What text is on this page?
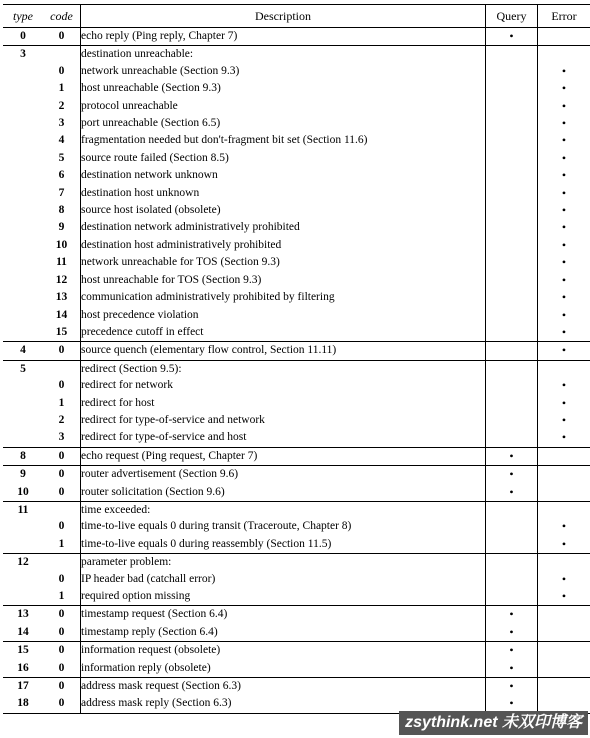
type	code	Description	Query	Error
0	0	echo reply (Ping reply, Chapter 7)	•	
3		destination unreachable:		
	0	network unreachable (Section 9.3)		•
	1	host unreachable (Section 9.3)		•
	2	protocol unreachable		•
	3	port unreachable (Section 6.5)		•
	4	fragmentation needed but don't-fragment bit set (Section 11.6)		•
	5	source route failed (Section 8.5)		•
	6	destination network unknown		•
	7	destination host unknown		•
	8	source host isolated (obsolete)		•
	9	destination network administratively prohibited		•
	10	destination host administratively prohibited		•
	11	network unreachable for TOS (Section 9.3)		•
	12	host unreachable for TOS (Section 9.3)		•
	13	communication administratively prohibited by filtering		•
	14	host precedence violation		•
	15	precedence cutoff in effect		•
4	0	source quench (elementary flow control, Section 11.11)		•
5		redirect (Section 9.5):		
	0	redirect for network		•
	1	redirect for host		•
	2	redirect for type-of-service and network		•
	3	redirect for type-of-service and host		•
8	0	echo request (Ping request, Chapter 7)	•	
9	0	router advertisement (Section 9.6)	•	
10	0	router solicitation (Section 9.6)	•	
11		time exceeded:		
	0	time-to-live equals 0 during transit (Traceroute, Chapter 8)		•
	1	time-to-live equals 0 during reassembly (Section 11.5)		•
12		parameter problem:		
	0	IP header bad (catchall error)		•
	1	required option missing		•
13	0	timestamp request (Section 6.4)	•	
14	0	timestamp reply (Section 6.4)	•	
15	0	information request (obsolete)	•	
16	0	information reply (obsolete)	•	
17	0	address mask request (Section 6.3)	•	
18	0	address mask reply (Section 6.3)	•	
zsythink.net 未双印博客
